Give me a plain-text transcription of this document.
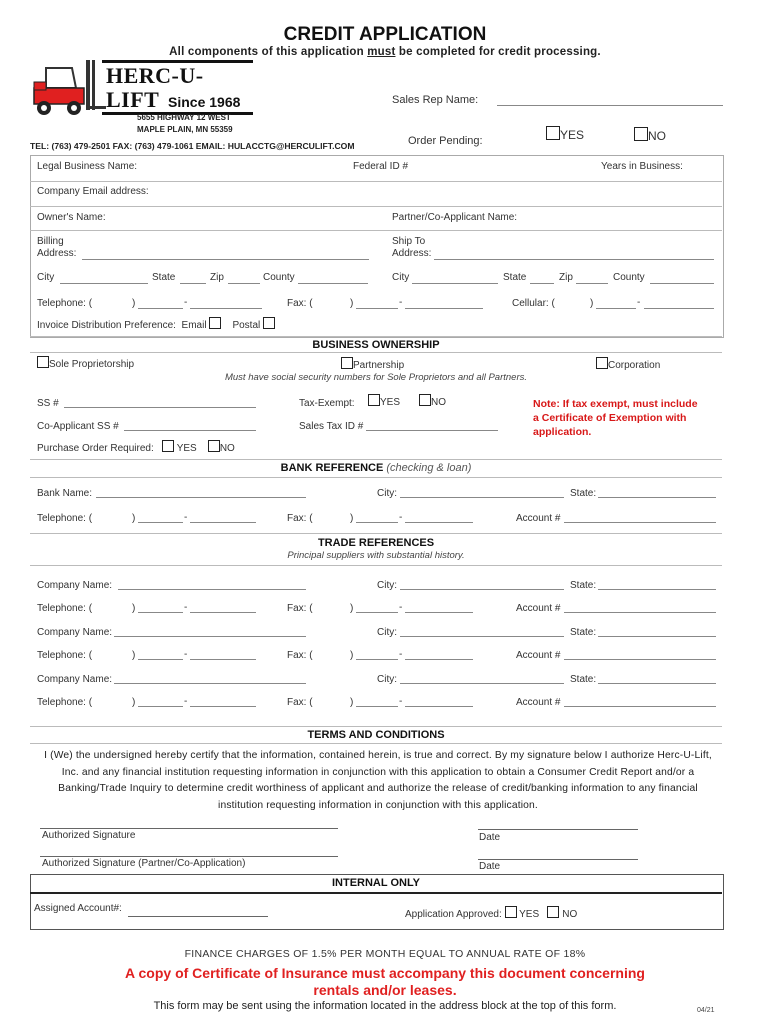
CREDIT APPLICATION
All components of this application must be completed for credit processing.
HERC-U-LIFT Since 1968
5655 HIGHWAY 12 WEST
MAPLE PLAIN, MN 55359
TEL: (763) 479-2501 FAX: (763) 479-1061 EMAIL: HULACCTG@HERCULIFT.COM
Sales Rep Name:
Order Pending:	YES	NO
Legal Business Name:	Federal ID #	Years in Business:
Company Email address:
Owner's Name:	Partner/Co-Applicant Name:
Billing
Address:
Ship To
Address:
City	State	Zip	County	City	State	Zip	County
Telephone: (	)	-	Fax: (	)	-	Cellular: (	)	-
Invoice Distribution Preference: Email	Postal
BUSINESS OWNERSHIP
Sole Proprietorship	Partnership	Corporation
Must have social security numbers for Sole Proprietors and all Partners.
SS #	Tax-Exempt:	YES	NO
Co-Applicant SS #	Sales Tax ID #
Purchase Order Required: YES NO
Note: If tax exempt, must include a Certificate of Exemption with application.
BANK REFERENCE (checking & loan)
Bank Name:	City:	State:
Telephone: (	)	-	Fax: (	)	-	Account #
TRADE REFERENCES
Principal suppliers with substantial history.
Company Name:	City:	State:
Telephone: (	)	-	Fax: (	)	-	Account #
Company Name:	City:	State:
Telephone: (	)	-	Fax: (	)	-	Account #
Company Name:	City:	State:
Telephone: (	)	-	Fax: (	)	-	Account #
TERMS AND CONDITIONS
I (We) the undersigned hereby certify that the information, contained herein, is true and correct. By my signature below I authorize Herc-U-Lift, Inc. and any financial institution requesting information in conjunction with this application to obtain a Consumer Credit Report and/or a Banking/Trade Inquiry to determine credit worthiness of applicant and authorize the release of credit/banking information to any financial institution requesting information in conjunction with this application.
Authorized Signature	Date
Authorized Signature (Partner/Co-Application)	Date
INTERNAL ONLY
Assigned Account#:
Application Approved: YES NO
FINANCE CHARGES OF 1.5% PER MONTH EQUAL TO ANNUAL RATE OF 18%
A copy of Certificate of Insurance must accompany this document concerning
rentals and/or leases.
This form may be sent using the information located in the address block at the top of this form.	04/21
